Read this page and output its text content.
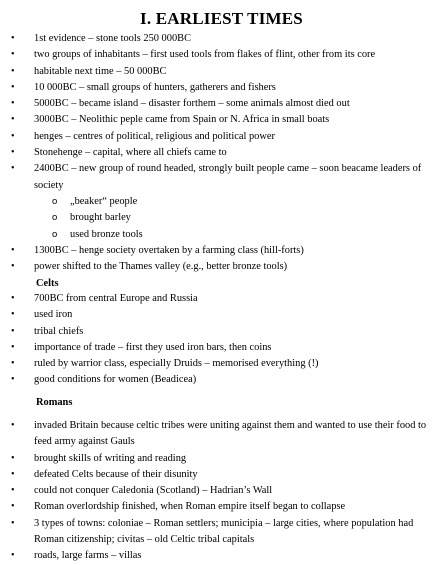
I. EARLIEST TIMES
• 1st evidence – stone tools 250 000BC
• two groups of inhabitants – first used tools from flakes of flint, other from its core
• habitable next time – 50 000BC
• 10 000BC – small groups of hunters, gatherers and fishers
• 5000BC – became island – disaster forthem – some animals almost died out
• 3000BC – Neolithic peple came from Spain or N. Africa in small boats
• henges – centres of political, religious and political power
• Stonehenge – capital, where all chiefs came to
• 2400BC – new group of round headed, strongly built people came – soon beacame leaders of society
o „beaker“ people
o brought barley
o used bronze tools
• 1300BC – henge society overtaken by a farming class (hill-forts)
• power shifted to the Thames valley (e.g., better bronze tools)
Celts
• 700BC from central Europe and Russia
• used iron
• tribal chiefs
• importance of trade – first they used iron bars, then coins
• ruled by warrior class, especially Druids – memorised everything (!)
• good conditions for women (Beadicea)
Romans
• invaded Britain because celtic tribes were uniting against them and wanted to use their food to feed army against Gauls
• brought skills of writing and reading
• defeated Celts because of their disunity
• could not conquer Caledonia (Scotland) – Hadrian’s Wall
• Roman overlordship finished, when Roman empire itself began to collapse
• 3 types of towns: coloniae – Roman settlers; municipia – large cities, where population had Roman citizenship; civitas – old Celtic tribal capitals
• roads, large farms – villas
